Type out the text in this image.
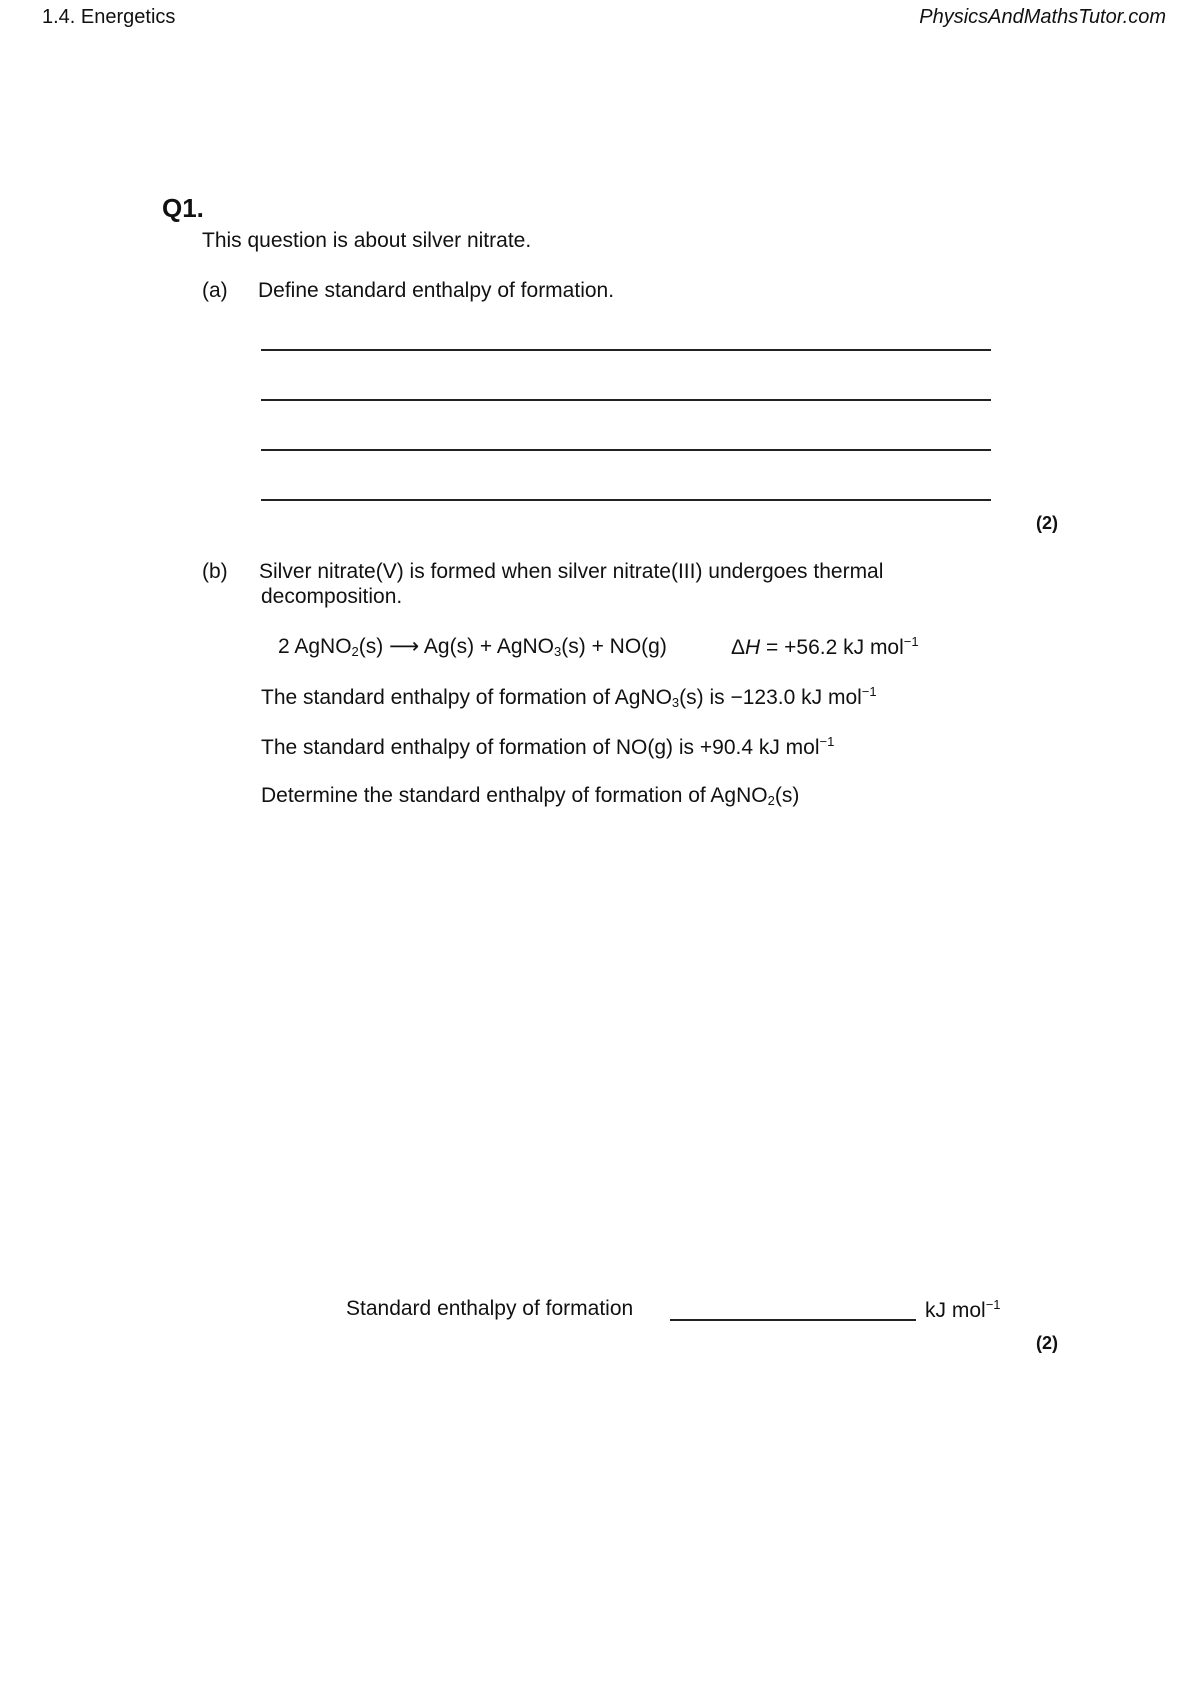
1.4. Energetics	PhysicsAndMathsTutor.com
Q1.
This question is about silver nitrate.
(a) Define standard enthalpy of formation.
(2)
(b) Silver nitrate(V) is formed when silver nitrate(III) undergoes thermal
decomposition.
2 AgNO$_2$(s) ⟶ Ag(s) + AgNO$_3$(s) + NO(g)	ΔH = +56.2 kJ mol$^{-1}$
The standard enthalpy of formation of AgNO$_3$(s) is −123.0 kJ mol$^{-1}$
The standard enthalpy of formation of NO(g) is +90.4 kJ mol$^{-1}$
Determine the standard enthalpy of formation of AgNO$_2$(s)
Standard enthalpy of formation	kJ mol$^{-1}$
(2)
